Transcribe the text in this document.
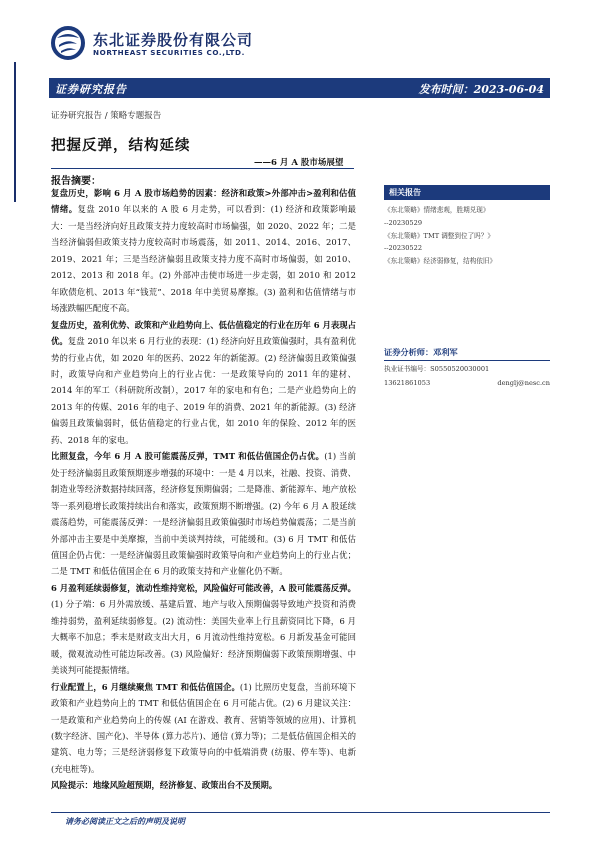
东北证券股份有限公司
NORTHEAST SECURITIES CO.,LTD.
证券研究报告	发布时间：2023-06-04
证券研究报告 / 策略专题报告
把握反弹，结构延续
——6 月 A 股市场展望
报告摘要：

复盘历史，影响 6 月 A 股市场趋势的因素：经济和政策>外部冲击>盈利和估值情绪。复盘 2010 年以来的 A 股 6 月走势，可以看到：(1) 经济和政策影响最大：一是当经济向好且政策支持力度较高时市场偏强，如 2020、2022 年；二是当经济偏弱但政策支持力度较高时市场震荡，如 2011、2014、2016、2017、2019、2021 年；三是当经济偏弱且政策支持力度不高时市场偏弱，如 2010、2012、2013 和 2018 年。(2) 外部冲击使市场进一步走弱，如 2010 和 2012 年欧债危机、2013 年“钱荒”、2018 年中美贸易摩擦。(3) 盈利和估值情绪与市场涨跌幅匹配度不高。

复盘历史，盈利优势、政策和产业趋势向上、低估值稳定的行业在历年 6 月表现占优。复盘 2010 年以来 6 月行业的表现：(1) 经济向好且政策偏强时，具有盈利优势的行业占优，如 2020 年的医药、2022 年的新能源。(2) 经济偏弱且政策偏强时，政策导向和产业趋势向上的行业占优：一是政策导向的 2011 年的建材、2014 年的军工（科研院所改制），2017 年的家电和有色；二是产业趋势向上的 2013 年的传媒、2016 年的电子、2019 年的消费、2021 年的新能源。(3) 经济偏弱且政策偏弱时，低估值稳定的行业占优，如 2010 年的保险、2012 年的医药、2018 年的家电。

比照复盘，今年 6 月 A 股可能震荡反弹，TMT 和低估值国企仍占优。(1) 当前处于经济偏弱且政策预期逐步增强的环境中：一是 4 月以来，社融、投资、消费、制造业等经济数据持续回落，经济修复预期偏弱；二是降准、新能源车、地产放松等一系列稳增长政策持续出台和落实，政策预期不断增强。(2) 今年 6 月 A 股延续震荡趋势，可能震荡反弹：一是经济偏弱且政策偏强时市场趋势偏震荡；二是当前外部冲击主要是中美摩擦，当前中美谈判持续，可能缓和。(3) 6 月 TMT 和低估值国企仍占优：一是经济偏弱且政策偏强时政策导向和产业趋势向上的行业占优；二是 TMT 和低估值国企在 6 月的政策支持和产业催化仍不断。

6 月盈利延续弱修复，流动性维持宽松，风险偏好可能改善，A 股可能震荡反弹。(1) 分子端：6 月外需放缓、基建后置、地产与收入预期偏弱导致地产投资和消费维持弱势，盈利延续弱修复。(2) 流动性：美国失业率上行且薪资同比下降，6 月大概率不加息；季末是财政支出大月，6 月流动性维持宽松。6 月新发基金可能回暖，微观流动性可能边际改善。(3) 风险偏好：经济预期偏弱下政策预期增强、中美谈判可能提振情绪。

行业配置上，6 月继续聚焦 TMT 和低估值国企。(1) 比照历史复盘，当前环境下政策和产业趋势向上的 TMT 和低估值国企在 6 月可能占优。(2) 6 月建议关注：一是政策和产业趋势向上的传媒 (AI 在游戏、教育、营销等领域的应用)、计算机 (数字经济、国产化)、半导体 (算力芯片)、通信 (算力等)；二是低估值国企相关的建筑、电力等；三是经济弱修复下政策导向的中低端消费 (纺服、停车等)、电新 (充电桩等)。

风险提示：地缘风险超预期，经济修复、政策出台不及预期。

相关报告
《东北策略》情绪悲观，胜期兑现》
--20230529
《东北策略》TMT 调整到位了吗？》
--20230522
《东北策略》经济弱修复，结构依旧》
证券分析师：邓利军
执业证书编号：S0550520030001
13621861053	denglj@nesc.cn
请务必阅读正文之后的声明及说明
